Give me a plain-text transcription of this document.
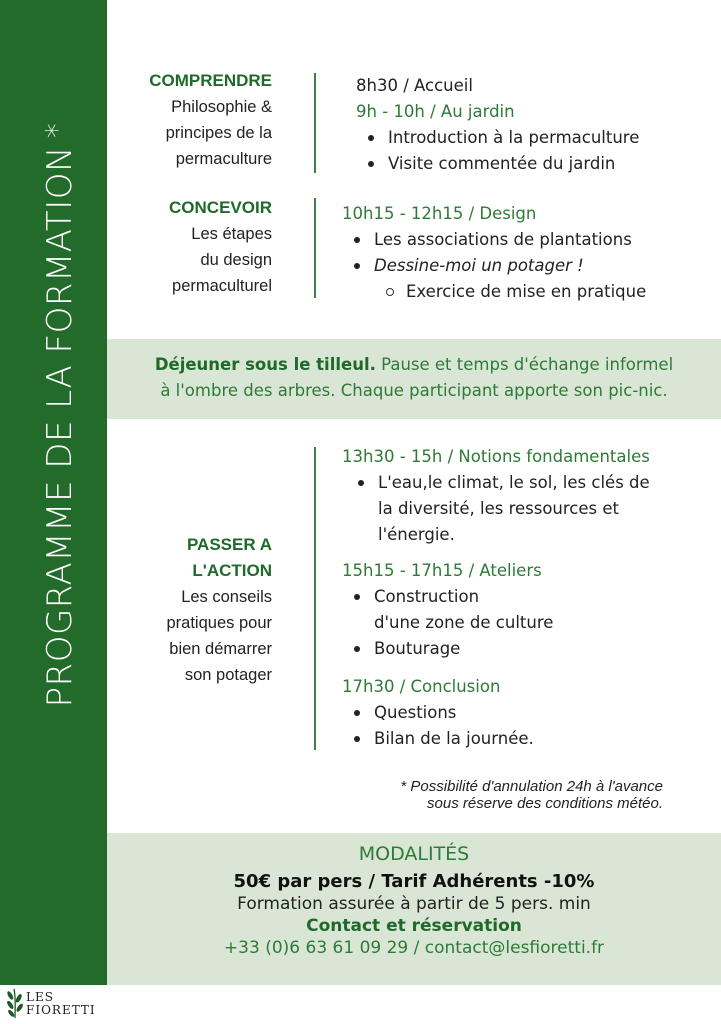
PROGRAMME DE LA FORMATION*
COMPRENDRE
Philosophie &
principes de la
permaculture
8h30 / Accueil
9h - 10h / Au jardin
Introduction à la permaculture
Visite commentée du jardin
CONCEVOIR
Les étapes
du design
permaculturel
10h15 - 12h15 / Design
Les associations de plantations
Dessine-moi un potager !
Exercice de mise en pratique
Déjeuner sous le tilleul. Pause et temps d'échange informel
à l'ombre des arbres. Chaque participant apporte son pic-nic.
PASSER A
L'ACTION
Les conseils
pratiques pour
bien démarrer
son potager
13h30 - 15h / Notions fondamentales
L'eau,le climat, le sol, les clés de
la diversité, les ressources et
l'énergie.
15h15 - 17h15 / Ateliers
Construction
d'une zone de culture
Bouturage
17h30 / Conclusion
Questions
Bilan de la journée.
* Possibilité d'annulation 24h à l'avance
sous réserve des conditions météo.
MODALITÉS
50€ par pers / Tarif Adhérents -10%
Formation assurée à partir de 5 pers. min
Contact et réservation
+33 (0)6 63 61 09 29 / contact@lesfioretti.fr
LES
FIORETTI
